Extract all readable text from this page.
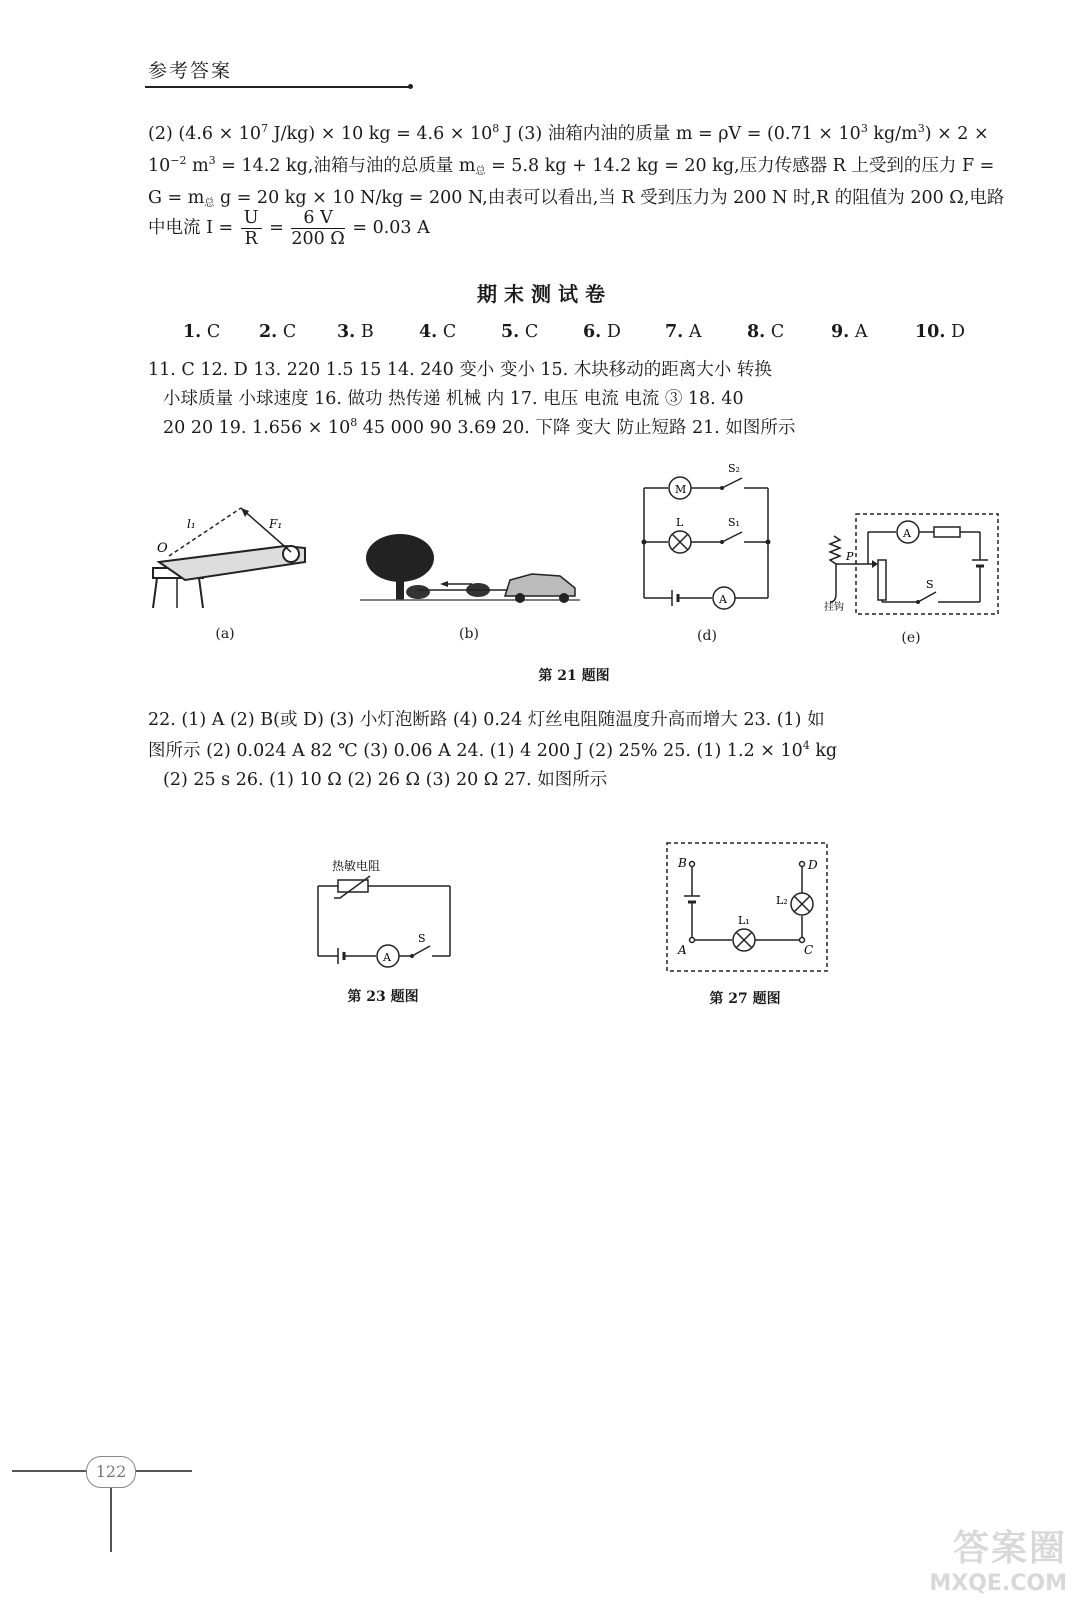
参考答案
(2) ($4.6 \times 10^7$ J/kg) × 10 kg = $4.6 \times 10^8$ J (3) 油箱内油的质量 $m = \rho V = (0.71 \times 10^3$ $kg/m^3) \times 2$ ×
$10^{-2}$ $m^3 = 14.2$ kg,油箱与油的总质量 $m_总 = 5.8$ kg + 14.2 kg = 20 kg,压力传感器 R 上受到的压力 F =
$G = m_总$ g = 20 kg × 10 N/kg = 200 N,由表可以看出,当 R 受到压力为 200 N 时,R 的阻值为 200 Ω,电路
中电流 $I = \frac{U}{R} = \frac{6 V}{200 \Omega} = 0.03$ A
期末测试卷
1. C 2. C 3. B	4. C	5. C	6. D	7. A	8. C	9. A	10. D
11. C 12. D 13. 220 1.5 15 14. 240 变小 变小 15. 木块移动的距离大小 转换
小球质量 小球速度 16. 做功 热传递 机械 内 17. 电压 电流 电流 ③ 18. 40
20 20 19. $1.656 \times 10^8$ 45 000 90 3.69 20. 下降 变大 防止短路 21. 如图所示
l₁	F₁
O
(a)	(b)
M
S₂
L	S₁
A
(d)
挂钩
P
A
S
(e)
第 21 题图
22. (1) A (2) B(或 D) (3) 小灯泡断路 (4) 0.24 灯丝电阻随温度升高而增大 23. (1) 如
图所示 (2) 0.024 A 82 ℃ (3) 0.06 A 24. (1) 4 200 J (2) 25% 25. (1) $1.2 \times 10^4$ kg
(2) 25 s 26. (1) 10 Ω (2) 26 Ω (3) 20 Ω 27. 如图所示
热敏电阻
A
S
第 23 题图
B
A
L₁
C
L₂
D
第 27 题图
122
答案圈
MXQE.COM
